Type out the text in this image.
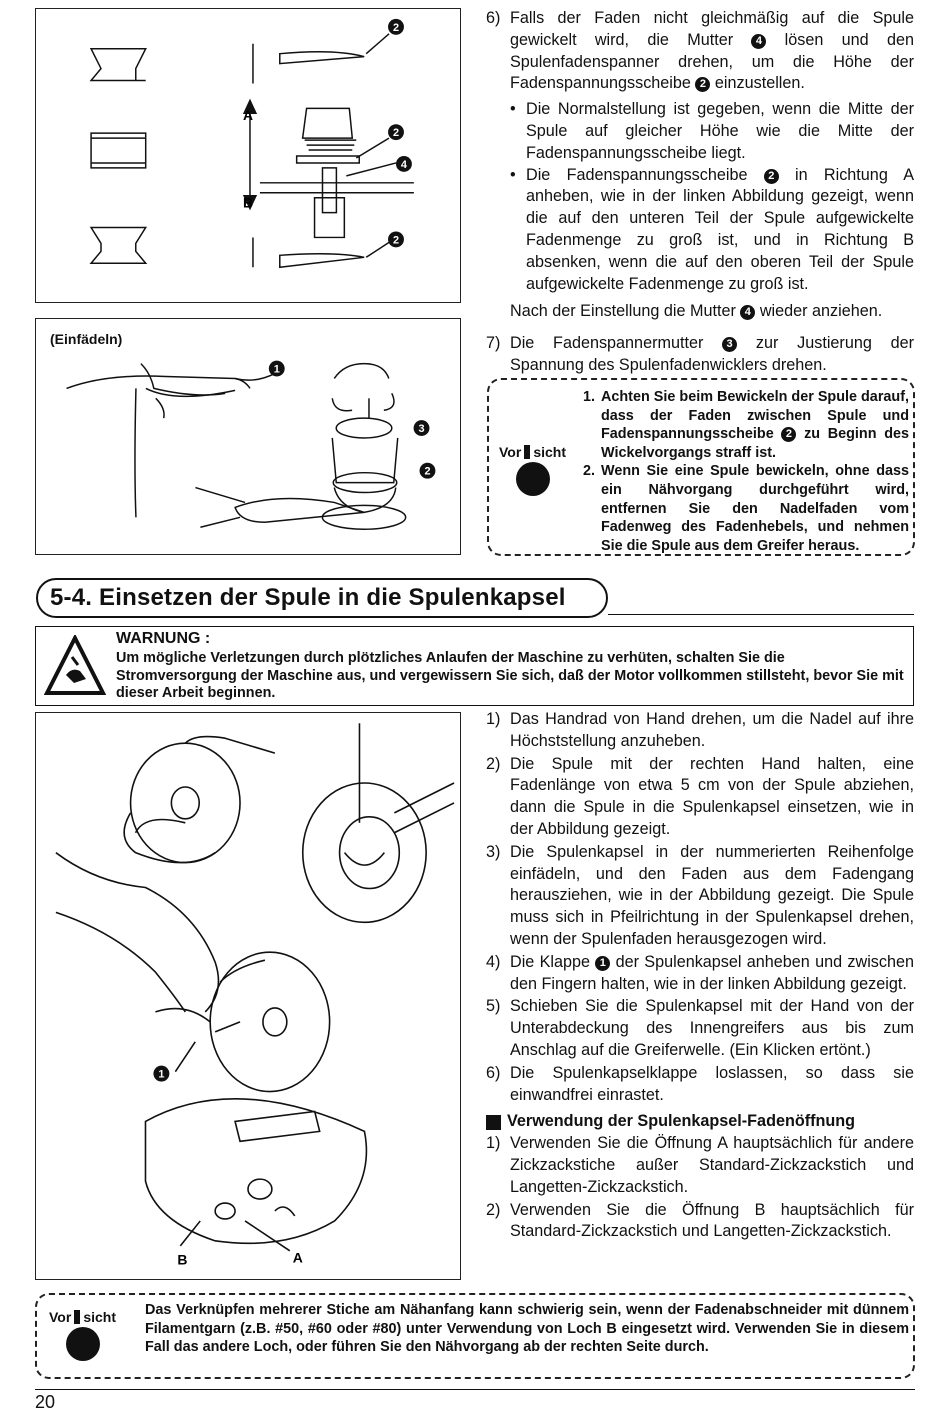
A
B
2
2
4
2
(Einfädeln)
1
3
2
6) Falls der Faden nicht gleichmäßig auf die Spule gewickelt wird, die Mutter 4 lösen und den Spulenfadenspanner drehen, um die Höhe der Fadenspannungsscheibe 2 einzustellen.
• Die Normalstellung ist gegeben, wenn die Mitte der Spule auf gleicher Höhe wie die Mitte der Fadenspannungsscheibe liegt.
• Die Fadenspannungsscheibe 2 in Richtung A anheben, wie in der linken Abbildung gezeigt, wenn die auf den unteren Teil der Spule aufgewickelte Fadenmenge zu groß ist, und in Richtung B absenken, wenn die auf den oberen Teil der Spule aufgewickelte Fadenmenge zu groß ist.
Nach der Einstellung die Mutter 4 wieder anziehen.
7) Die Fadenspannermutter 3 zur Justierung der Spannung des Spulenfadenwicklers drehen.
Vor sicht
1. Achten Sie beim Bewickeln der Spule darauf, dass der Faden zwischen Spule und Fadenspannungsscheibe 2 zu Beginn des Wickelvorgangs straff ist.
2. Wenn Sie eine Spule bewickeln, ohne dass ein Nähvorgang durchgeführt wird, entfernen Sie den Nadelfaden vom Fadenweg des Fadenhebels, und nehmen Sie die Spule aus dem Greifer heraus.
5-4. Einsetzen der Spule in die Spulenkapsel
WARNUNG :
Um mögliche Verletzungen durch plötzliches Anlaufen der Maschine zu verhüten, schalten Sie die Stromversorgung der Maschine aus, und vergewissern Sie sich, daß der Motor vollkommen stillsteht, bevor Sie mit dieser Arbeit beginnen.
1
B	A
1) Das Handrad von Hand drehen, um die Nadel auf ihre Höchststellung anzuheben.
2) Die Spule mit der rechten Hand halten, eine Fadenlänge von etwa 5 cm von der Spule abziehen, dann die Spule in die Spulenkapsel einsetzen, wie in der Abbildung gezeigt.
3) Die Spulenkapsel in der nummerierten Reihenfolge einfädeln, und den Faden aus dem Fadengang herausziehen, wie in der Abbildung gezeigt. Die Spule muss sich in Pfeilrichtung in der Spulenkapsel drehen, wenn der Spulenfaden herausgezogen wird.
4) Die Klappe 1 der Spulenkapsel anheben und zwischen den Fingern halten, wie in der linken Abbildung gezeigt.
5) Schieben Sie die Spulenkapsel mit der Hand von der Unterabdeckung des Innengreifers aus bis zum Anschlag auf die Greiferwelle. (Ein Klicken ertönt.)
6) Die Spulenkapselklappe loslassen, so dass sie einwandfrei einrastet.
Verwendung der Spulenkapsel-Fadenöffnung
1) Verwenden Sie die Öffnung A hauptsächlich für andere Zickzackstiche außer Standard-Zickzackstich und Langetten-Zickzackstich.
2) Verwenden Sie die Öffnung B hauptsächlich für Standard-Zickzackstich und Langetten-Zickzackstich.
Vor sicht Das Verknüpfen mehrerer Stiche am Nähanfang kann schwierig sein, wenn der Fadenabschneider mit dünnem Filamentgarn (z.B. #50, #60 oder #80) unter Verwendung von Loch B eingesetzt wird. Verwenden Sie in diesem Fall das andere Loch, oder führen Sie den Nähvorgang ab der rechten Seite durch.
20
